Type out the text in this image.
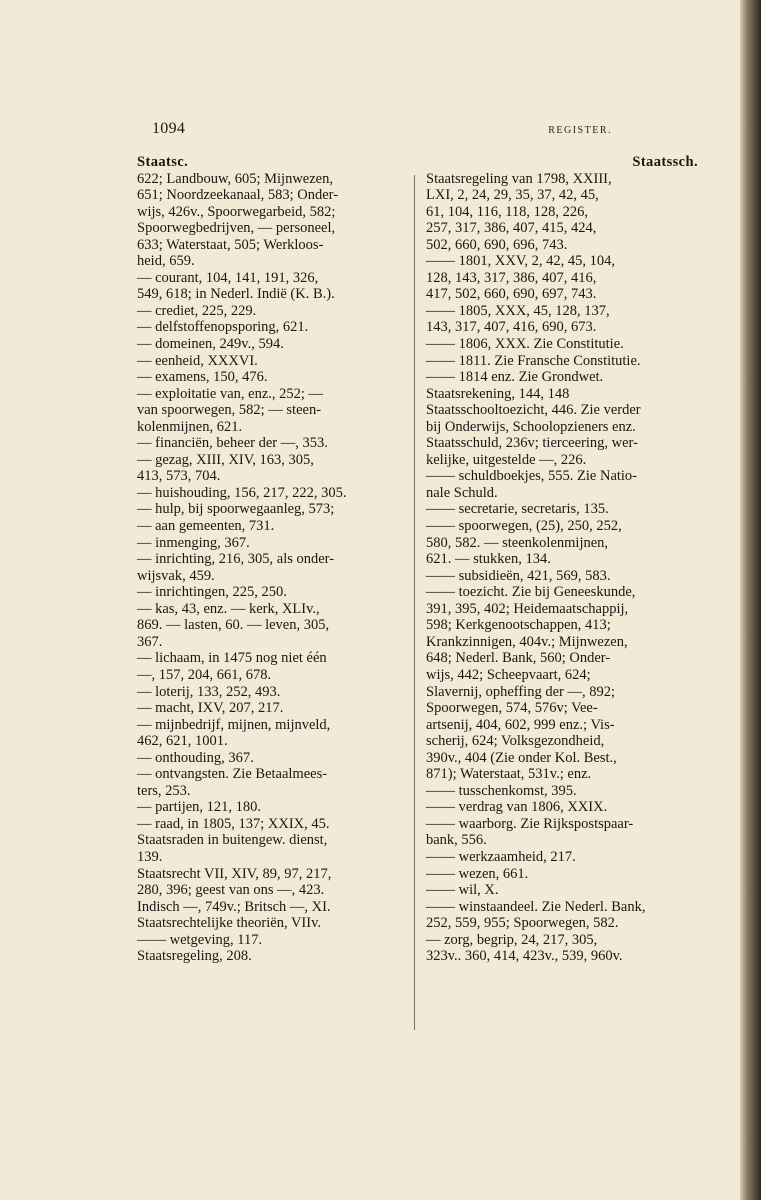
1094	REGISTER.
Staatsc.
622; Landbouw, 605; Mijnwezen,
651; Noordzeekanaal, 583; Onder-
wijs, 426v., Spoorwegarbeid, 582;
Spoorwegbedrijven, — personeel,
633; Waterstaat, 505; Werkloos-
heid, 659.
— courant, 104, 141, 191, 326,
549, 618; in Nederl. Indië (K. B.).
— crediet, 225, 229.
— delfstoffenopsporing, 621.
— domeinen, 249v., 594.
— eenheid, XXXVI.
— examens, 150, 476.
— exploitatie van, enz., 252; —
van spoorwegen, 582; — steen-
kolenmijnen, 621.
— financiën, beheer der —, 353.
— gezag, XIII, XIV, 163, 305,
413, 573, 704.
— huishouding, 156, 217, 222, 305.
— hulp, bij spoorwegaanleg, 573;
— aan gemeenten, 731.
— inmenging, 367.
— inrichting, 216, 305, als onder-
wijsvak, 459.
— inrichtingen, 225, 250.
— kas, 43, enz. — kerk, XLIv.,
869. — lasten, 60. — leven, 305,
367.
— lichaam, in 1475 nog niet één
—, 157, 204, 661, 678.
— loterij, 133, 252, 493.
— macht, IXV, 207, 217.
— mijnbedrijf, mijnen, mijnveld,
462, 621, 1001.
— onthouding, 367.
— ontvangsten. Zie Betaalmees-
ters, 253.
— partijen, 121, 180.
— raad, in 1805, 137; XXIX, 45.
Staatsraden in buitengew. dienst,
139.
Staatsrecht VII, XIV, 89, 97, 217,
280, 396; geest van ons —, 423.
Indisch —, 749v.; Britsch —, XI.
Staatsrechtelijke theoriën, VIIv.
—— wetgeving, 117.
Staatsregeling, 208.
Staatssch.
Staatsregeling van 1798, XXIII,
LXI, 2, 24, 29, 35, 37, 42, 45,
61, 104, 116, 118, 128, 226,
257, 317, 386, 407, 415, 424,
502, 660, 690, 696, 743.
—— 1801, XXV, 2, 42, 45, 104,
128, 143, 317, 386, 407, 416,
417, 502, 660, 690, 697, 743.
—— 1805, XXX, 45, 128, 137,
143, 317, 407, 416, 690, 673.
—— 1806, XXX. Zie Constitutie.
—— 1811. Zie Fransche Constitutie.
—— 1814 enz. Zie Grondwet.
Staatsrekening, 144, 148
Staatsschooltoezicht, 446. Zie verder
bij Onderwijs, Schoolopzieners enz.
Staatsschuld, 236v; tierceering, wer-
kelijke, uitgestelde —, 226.
—— schuldboekjes, 555. Zie Natio-
nale Schuld.
—— secretarie, secretaris, 135.
—— spoorwegen, (25), 250, 252,
580, 582. — steenkolenmijnen,
621. — stukken, 134.
—— subsidieën, 421, 569, 583.
—— toezicht. Zie bij Geneeskunde,
391, 395, 402; Heidemaatschappij,
598; Kerkgenootschappen, 413;
Krankzinnigen, 404v.; Mijnwezen,
648; Nederl. Bank, 560; Onder-
wijs, 442; Scheepvaart, 624;
Slavernij, opheffing der —, 892;
Spoorwegen, 574, 576v; Vee-
artsenij, 404, 602, 999 enz.; Vis-
scherij, 624; Volksgezondheid,
390v., 404 (Zie onder Kol. Best.,
871); Waterstaat, 531v.; enz.
—— tusschenkomst, 395.
—— verdrag van 1806, XXIX.
—— waarborg. Zie Rijkspostspaar-
bank, 556.
—— werkzaamheid, 217.
—— wezen, 661.
—— wil, X.
—— winstaandeel. Zie Nederl. Bank,
252, 559, 955; Spoorwegen, 582.
— zorg, begrip, 24, 217, 305,
323v.. 360, 414, 423v., 539, 960v.
